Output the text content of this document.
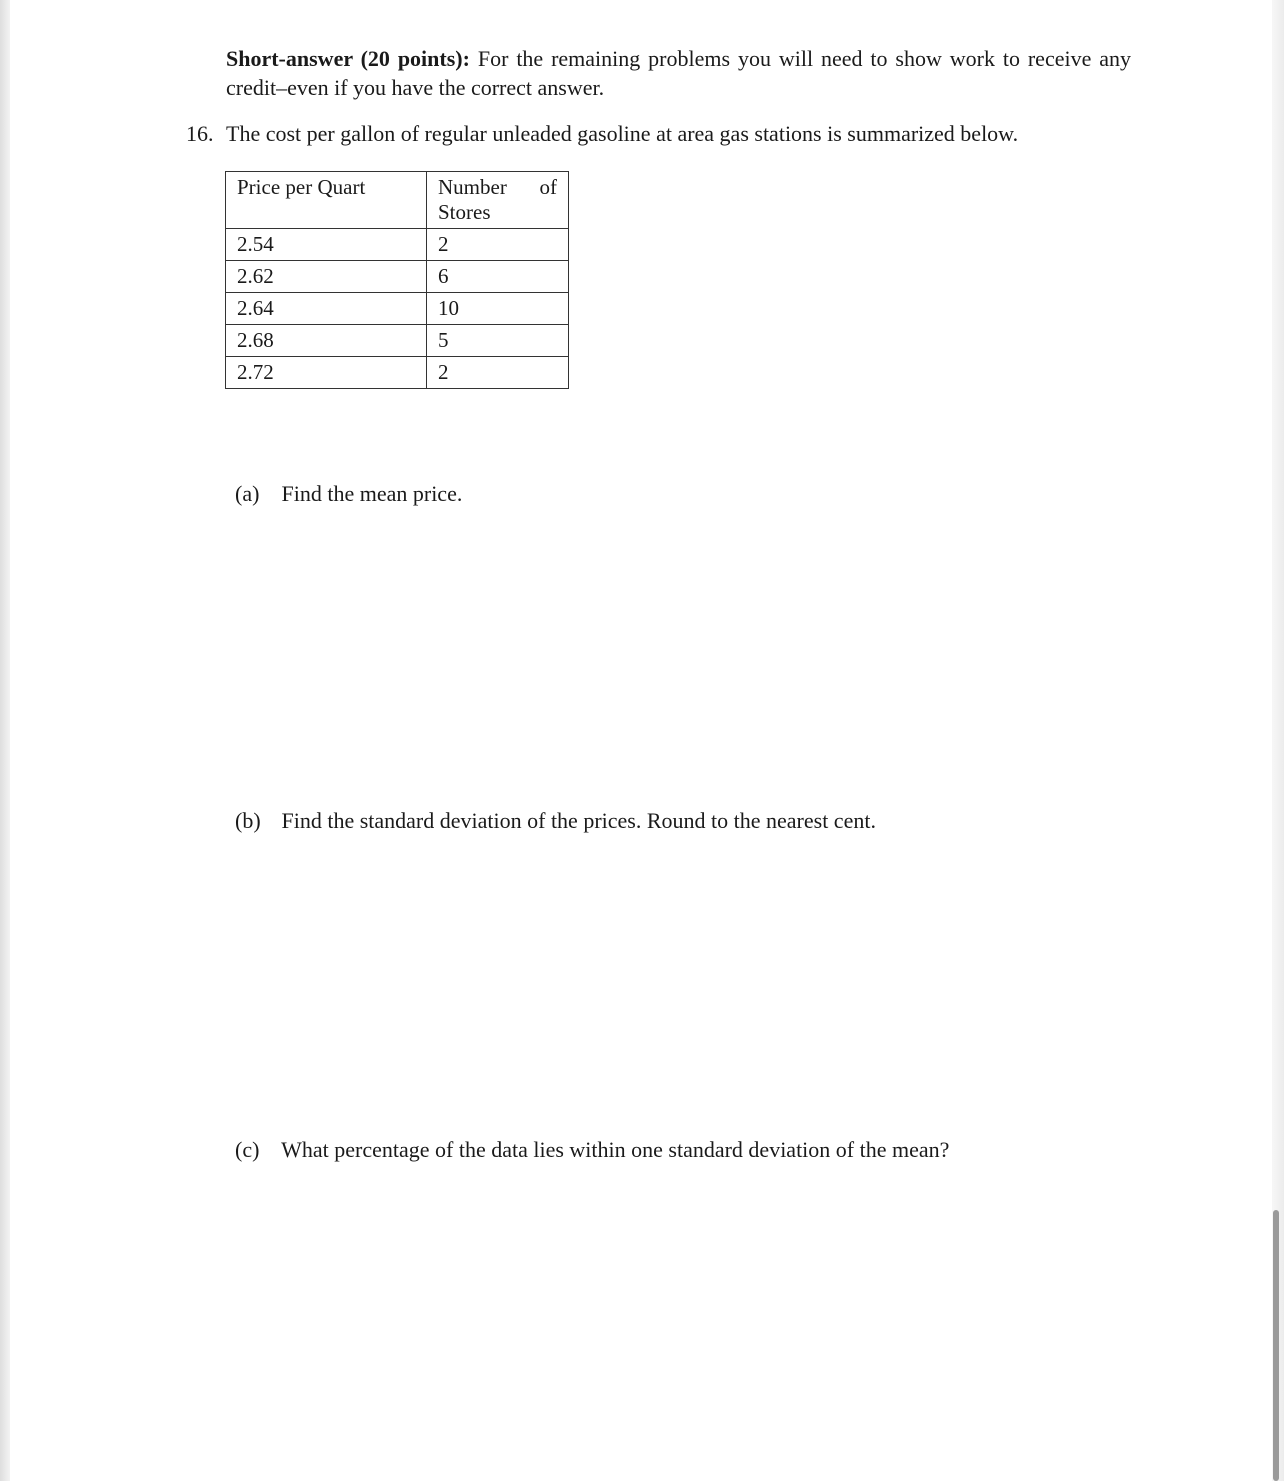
Short-answer (20 points): For the remaining problems you will need to show work to receive any credit–even if you have the correct answer.
16. The cost per gallon of regular unleaded gasoline at area gas stations is summarized below.
Price per Quart	Number of
Stores

2.54	2
2.62	6
2.64	10
2.68	5
2.72	2
(a) Find the mean price.
(b) Find the standard deviation of the prices. Round to the nearest cent.
(c) What percentage of the data lies within one standard deviation of the mean?
